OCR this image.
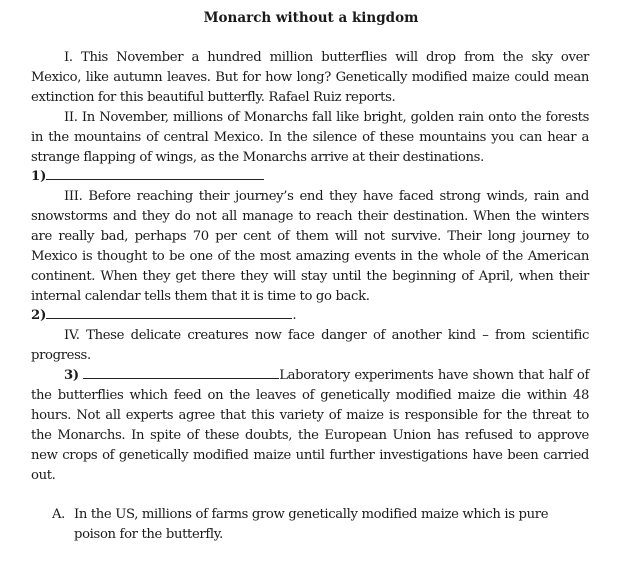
Monarch without a kingdom

I. This November a hundred million butterflies will drop from the sky over Mexico, like autumn leaves. But for how long? Genetically modified maize could mean extinction for this beautiful butterfly. Rafael Ruiz reports.

II. In November, millions of Monarchs fall like bright, golden rain onto the forests in the mountains of central Mexico. In the silence of these mountains you can hear a strange flapping of wings, as the Monarchs arrive at their destinations.

1)

III. Before reaching their journey’s end they have faced strong winds, rain and snowstorms and they do not all manage to reach their destination. When the winters are really bad, perhaps 70 per cent of them will not survive. Their long journey to Mexico is thought to be one of the most amazing events in the whole of the American continent. When they get there they will stay until the beginning of April, when their internal calendar tells them that it is time to go back.

2)	.

IV. These delicate creatures now face danger of another kind – from scientific progress.

3)	Laboratory experiments have shown that half of the butterflies which feed on the leaves of genetically modified maize die within 48 hours. Not all experts agree that this variety of maize is responsible for the threat to the Monarchs. In spite of these doubts, the European Union has refused to approve new crops of genetically modified maize until further investigations have been carried out.

A. In the US, millions of farms grow genetically modified maize which is pure
poison for the butterfly.
